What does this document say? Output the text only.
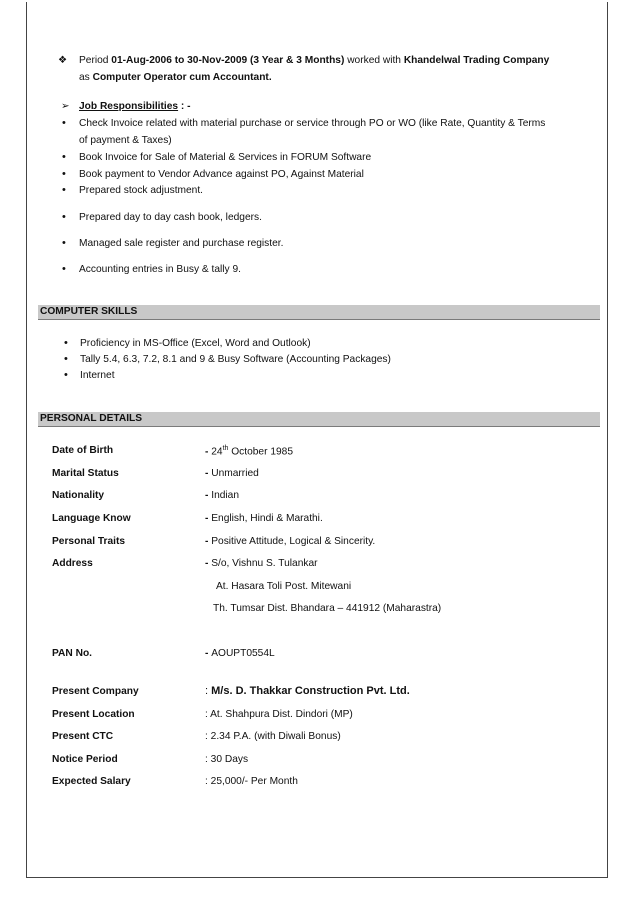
❖ Period 01-Aug-2006 to 30-Nov-2009 (3 Year & 3 Months) worked with Khandelwal Trading Company
as Computer Operator cum Accountant.
➢ Job Responsibilities : -
• Check Invoice related with material purchase or service through PO or WO (like Rate, Quantity & Terms
of payment & Taxes)
• Book Invoice for Sale of Material & Services in FORUM Software
• Book payment to Vendor Advance against PO, Against Material
• Prepared stock adjustment.
• Prepared day to day cash book, ledgers.
• Managed sale register and purchase register.
• Accounting entries in Busy & tally 9.
COMPUTER SKILLS
• Proficiency in MS-Office (Excel, Word and Outlook)
• Tally 5.4, 6.3, 7.2, 8.1 and 9 & Busy Software (Accounting Packages)
• Internet
PERSONAL DETAILS
Date of Birth	- 24th October 1985
Marital Status	- Unmarried
Nationality	- Indian
Language Know	- English, Hindi & Marathi.
Personal Traits	- Positive Attitude, Logical & Sincerity.
Address	- S/o, Vishnu S. Tulankar
At. Hasara Toli Post. Mitewani
Th. Tumsar Dist. Bhandara – 441912 (Maharastra)
PAN No.	- AOUPT0554L
Present Company	: M/s. D. Thakkar Construction Pvt. Ltd.
Present Location	: At. Shahpura Dist. Dindori (MP)
Present CTC	: 2.34 P.A. (with Diwali Bonus)
Notice Period	: 30 Days
Expected Salary	: 25,000/- Per Month
